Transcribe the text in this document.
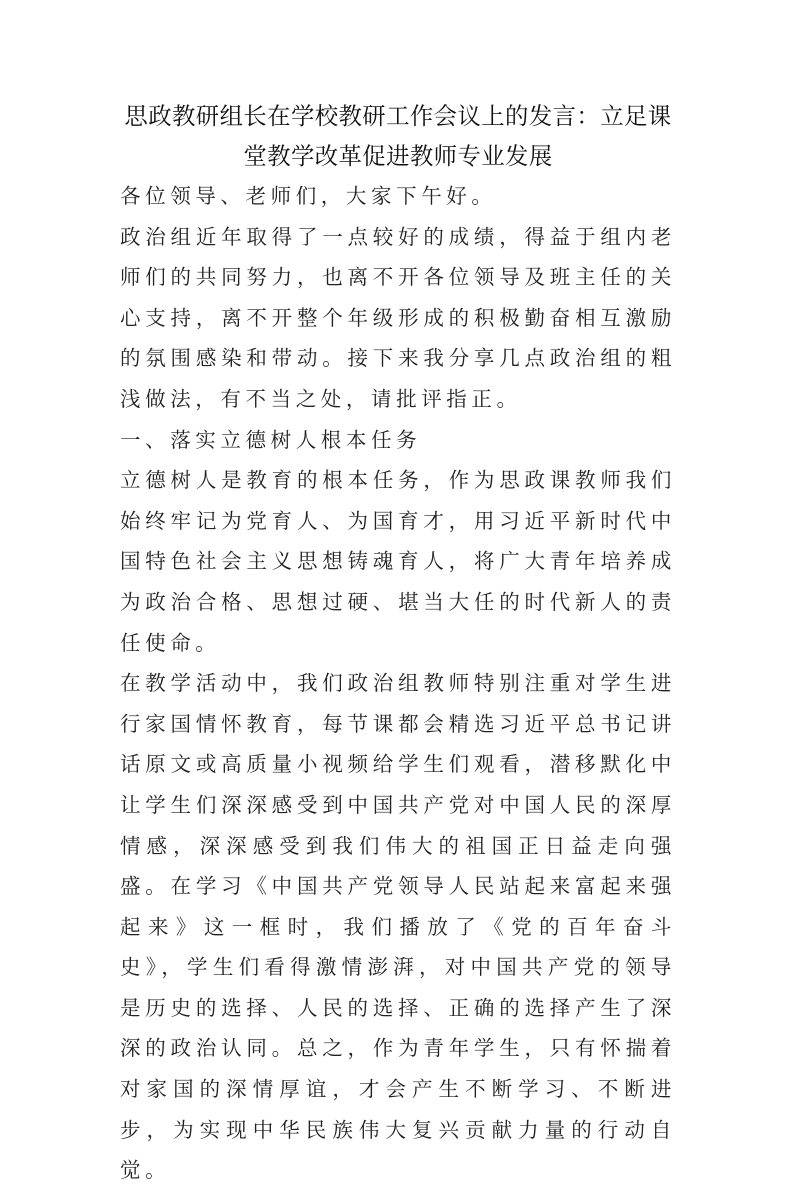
思政教研组长在学校教研工作会议上的发言：立足课
堂教学改革促进教师专业发展

各位领导、老师们，大家下午好。

政治组近年取得了一点较好的成绩，得益于组内老师们的共同努力，也离不开各位领导及班主任的关心支持，离不开整个年级形成的积极勤奋相互激励的氛围感染和带动。接下来我分享几点政治组的粗浅做法，有不当之处，请批评指正。

一、落实立德树人根本任务

立德树人是教育的根本任务，作为思政课教师我们始终牢记为党育人、为国育才，用习近平新时代中国特色社会主义思想铸魂育人，将广大青年培养成为政治合格、思想过硬、堪当大任的时代新人的责任使命。

在教学活动中，我们政治组教师特别注重对学生进行家国情怀教育，每节课都会精选习近平总书记讲话原文或高质量小视频给学生们观看，潜移默化中让学生们深深感受到中国共产党对中国人民的深厚情感，深深感受到我们伟大的祖国正日益走向强盛。在学习《中国共产党领导人民站起来富起来强起来》这一框时，我们播放了《党的百年奋斗史》，学生们看得激情澎湃，对中国共产党的领导是历史的选择、人民的选择、正确的选择产生了深深的政治认同。总之，作为青年学生，只有怀揣着对家国的深情厚谊，才会产生不断学习、不断进步，为实现中华民族伟大复兴贡献力量的行动自觉。
